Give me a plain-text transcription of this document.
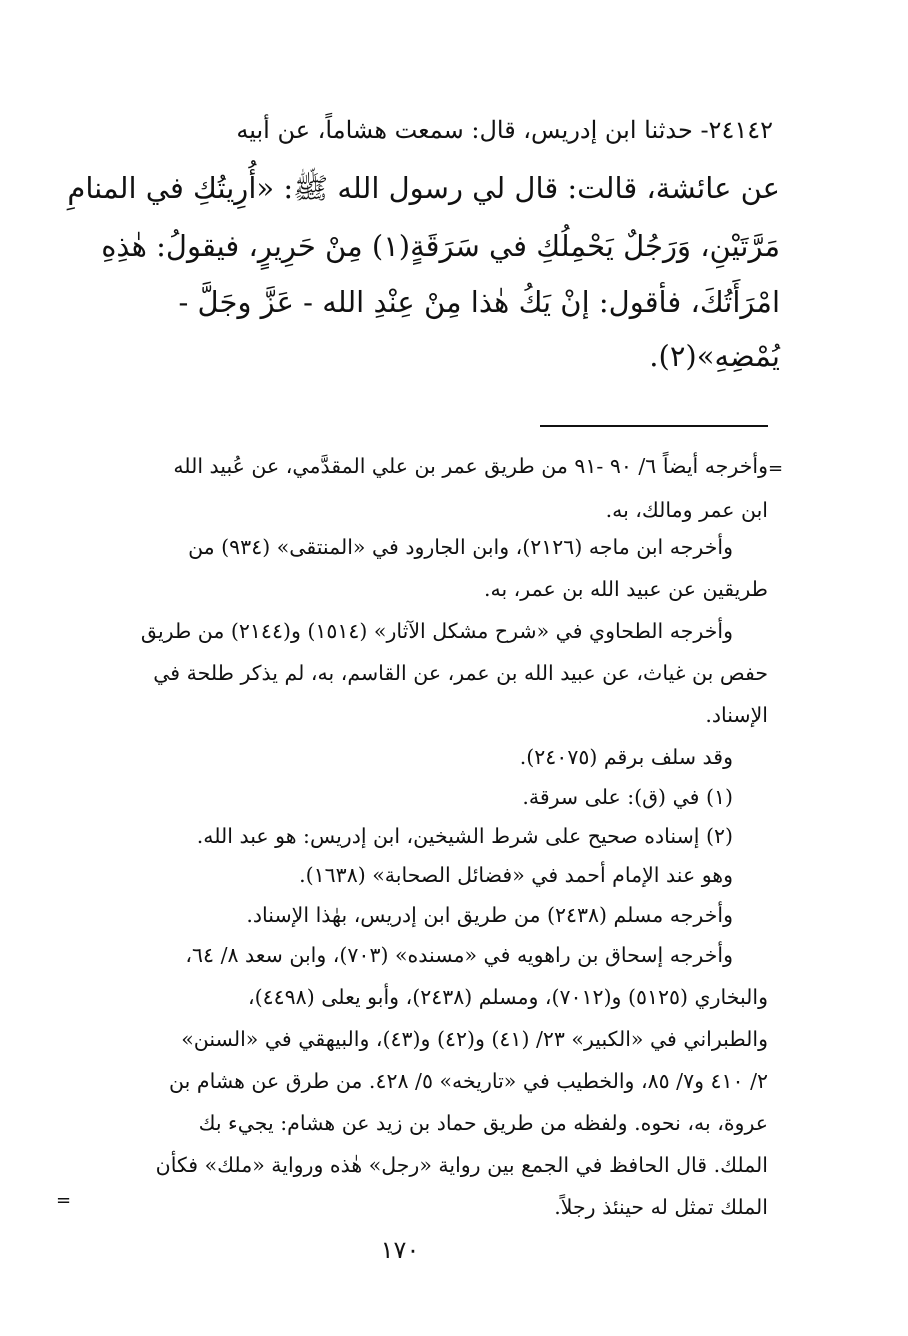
٢٤١٤٢- حدثنا ابن إدريس، قال: سمعت هشاماً، عن أبيه
عن عائشة، قالت: قال لي رسول الله ﷺ: «أُرِيتُكِ في المنامِ
مَرَّتَيْنِ، وَرَجُلٌ يَحْمِلُكِ في سَرَقَةٍ(١) مِنْ حَرِيرٍ، فيقولُ: هٰذِهِ
امْرَأَتُكَ، فأقول: إنْ يَكُ هٰذا مِنْ عِنْدِ الله - عَزَّ وجَلَّ -
يُمْضِهِ»(٢).
=
وأخرجه أيضاً ٦/ ٩٠ -٩١ من طريق عمر بن علي المقدَّمي، عن عُبيد الله
ابن عمر ومالك، به.
وأخرجه ابن ماجه (٢١٢٦)، وابن الجارود في «المنتقى» (٩٣٤) من
طريقين عن عبيد الله بن عمر، به.
وأخرجه الطحاوي في «شرح مشكل الآثار» (١٥١٤) و(٢١٤٤) من طريق
حفص بن غياث، عن عبيد الله بن عمر، عن القاسم، به، لم يذكر طلحة في
الإسناد.
وقد سلف برقم (٢٤٠٧٥).
(١) في (ق): على سرقة.
(٢) إسناده صحيح على شرط الشيخين، ابن إدريس: هو عبد الله.
وهو عند الإمام أحمد في «فضائل الصحابة» (١٦٣٨).
وأخرجه مسلم (٢٤٣٨) من طريق ابن إدريس، بهٰذا الإسناد.
وأخرجه إسحاق بن راهويه في «مسنده» (٧٠٣)، وابن سعد ٨/ ٦٤،
والبخاري (٥١٢٥) و(٧٠١٢)، ومسلم (٢٤٣٨)، وأبو يعلى (٤٤٩٨)،
والطبراني في «الكبير» ٢٣/ (٤١) و(٤٢) و(٤٣)، والبيهقي في «السنن»
٢/ ٤١٠ و٧/ ٨٥، والخطيب في «تاريخه» ٥/ ٤٢٨. من طرق عن هشام بن
عروة، به، نحوه. ولفظه من طريق حماد بن زيد عن هشام: يجيء بك
الملك. قال الحافظ في الجمع بين رواية «رجل» هٰذه ورواية «ملك» فكأن
الملك تمثل له حينئذ رجلاً.
=
١٧٠
